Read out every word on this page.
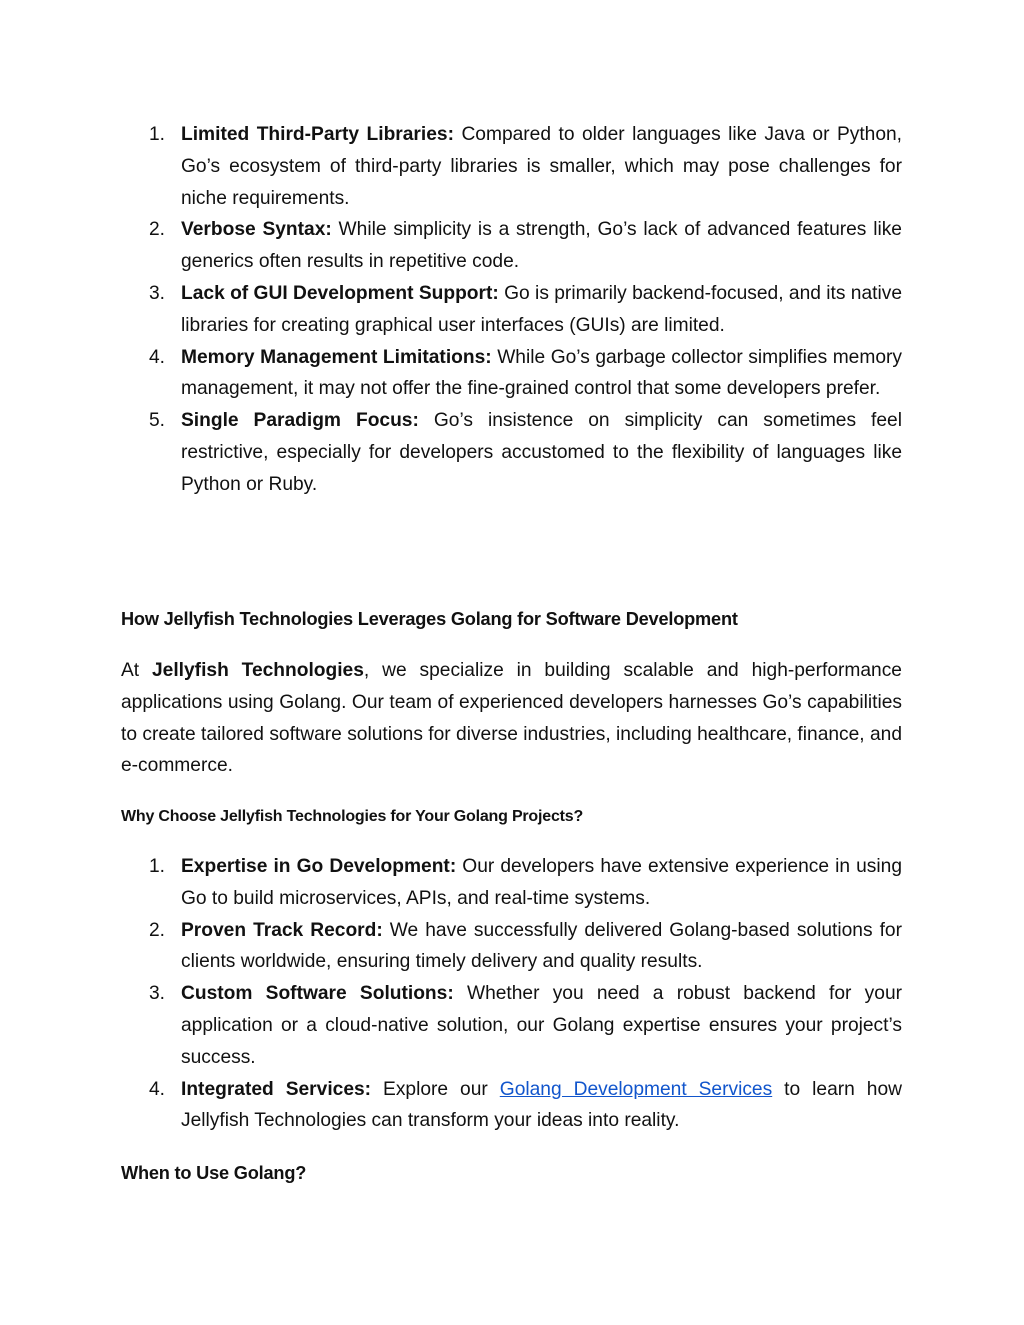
1. Limited Third-Party Libraries: Compared to older languages like Java or Python, Go’s ecosystem of third-party libraries is smaller, which may pose challenges for niche requirements.
2. Verbose Syntax: While simplicity is a strength, Go’s lack of advanced features like generics often results in repetitive code.
3. Lack of GUI Development Support: Go is primarily backend-focused, and its native libraries for creating graphical user interfaces (GUIs) are limited.
4. Memory Management Limitations: While Go’s garbage collector simplifies memory management, it may not offer the fine-grained control that some developers prefer.
5. Single Paradigm Focus: Go’s insistence on simplicity can sometimes feel restrictive, especially for developers accustomed to the flexibility of languages like Python or Ruby.
How Jellyfish Technologies Leverages Golang for Software Development

At Jellyfish Technologies, we specialize in building scalable and high-performance applications using Golang. Our team of experienced developers harnesses Go’s capabilities to create tailored software solutions for diverse industries, including healthcare, finance, and e-commerce.

Why Choose Jellyfish Technologies for Your Golang Projects?
1. Expertise in Go Development: Our developers have extensive experience in using Go to build microservices, APIs, and real-time systems.
2. Proven Track Record: We have successfully delivered Golang-based solutions for clients worldwide, ensuring timely delivery and quality results.
3. Custom Software Solutions: Whether you need a robust backend for your application or a cloud-native solution, our Golang expertise ensures your project’s success.
4. Integrated Services: Explore our Golang Development Services to learn how Jellyfish Technologies can transform your ideas into reality.
When to Use Golang?
